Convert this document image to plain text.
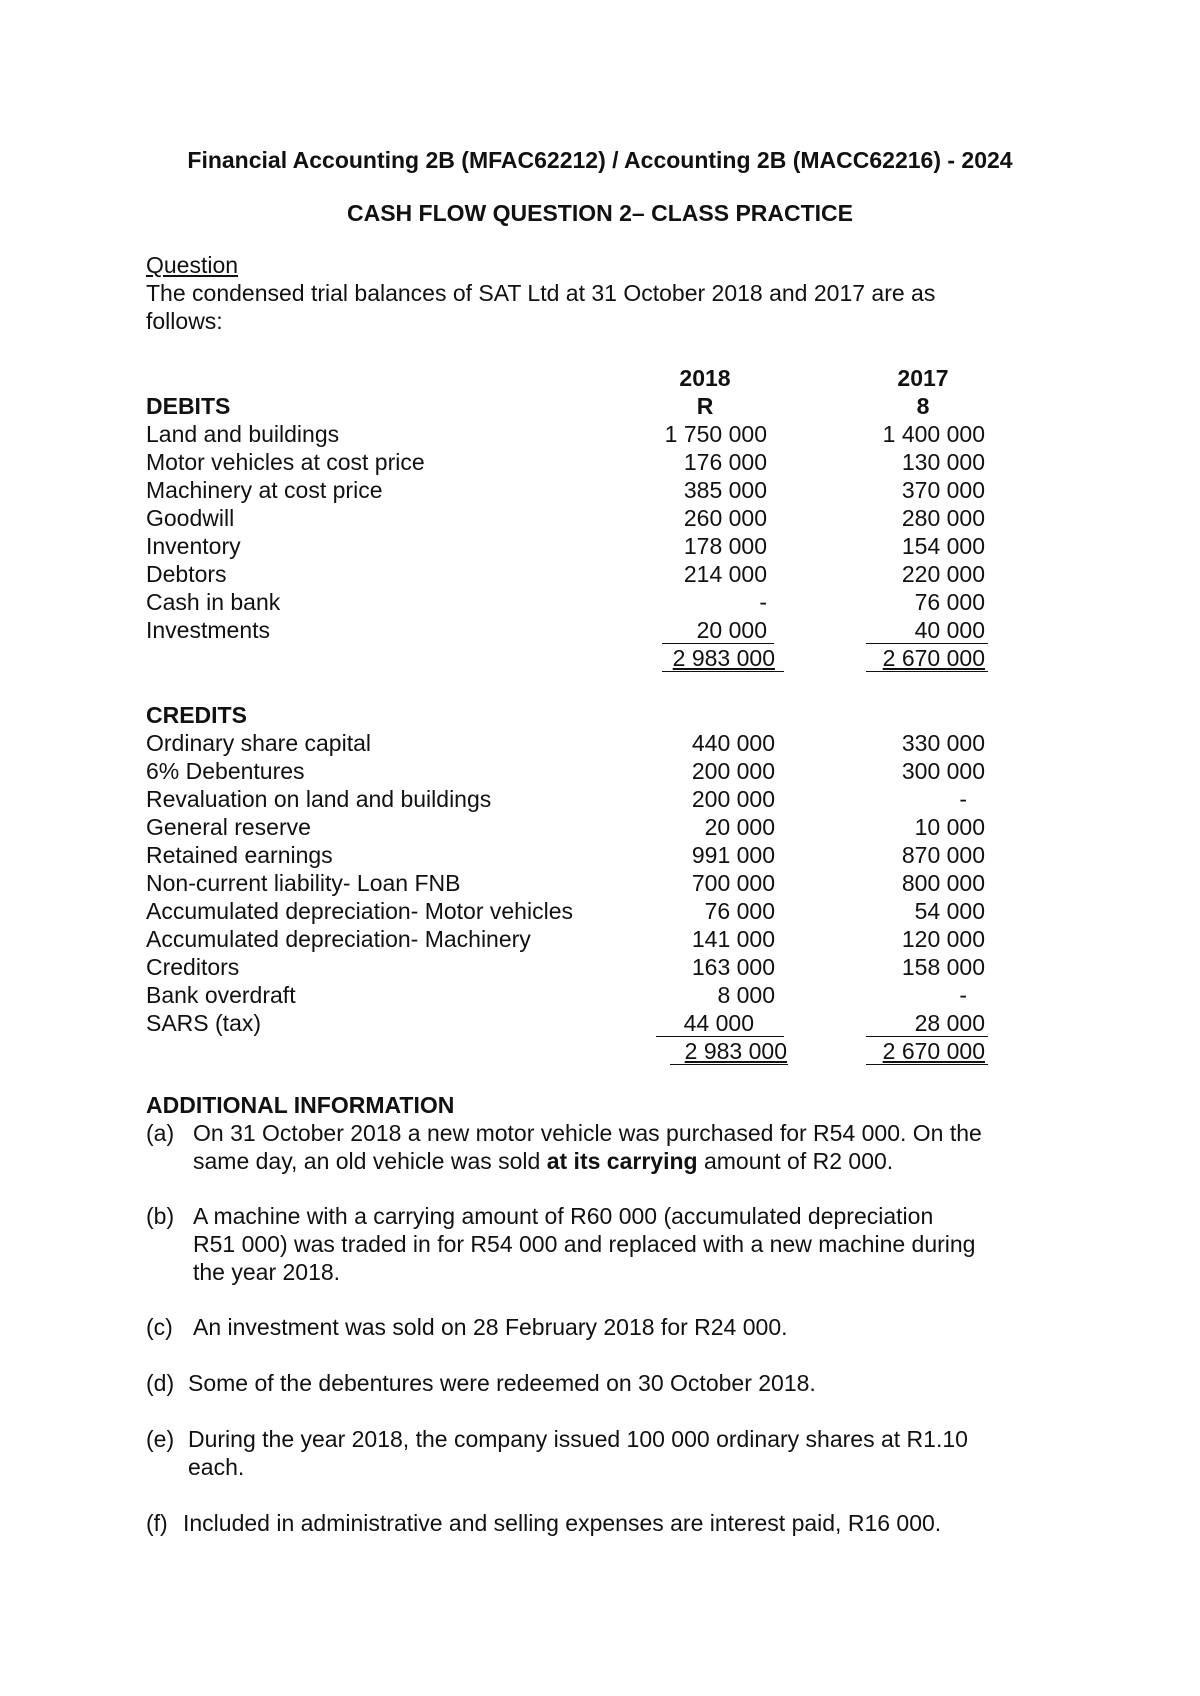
Financial Accounting 2B (MFAC62212) / Accounting 2B (MACC62216) - 2024
CASH FLOW QUESTION 2– CLASS PRACTICE
Question
The condensed trial balances of SAT Ltd at 31 October 2018 and 2017 are as
follows:
2018	2017
R	8
DEBITS
Land and buildings	1 750 000	1 400 000
Motor vehicles at cost price	176 000	130 000
Machinery at cost price	385 000	370 000
Goodwill	260 000	280 000
Inventory	178 000	154 000
Debtors	214 000	220 000
Cash in bank	-	76 000
Investments	20 000	40 000
2 983 000	2 670 000
CREDITS
Ordinary share capital	440 000	330 000
6% Debentures	200 000	300 000
Revaluation on land and buildings	200 000	-
General reserve	20 000	10 000
Retained earnings	991 000	870 000
Non-current liability- Loan FNB	700 000	800 000
Accumulated depreciation- Motor vehicles	76 000	54 000
Accumulated depreciation- Machinery	141 000	120 000
Creditors	163 000	158 000
Bank overdraft	8 000	-
SARS (tax)	44 000	28 000
2 983 000	2 670 000
ADDITIONAL INFORMATION
(a) On 31 October 2018 a new motor vehicle was purchased for R54 000. On the
same day, an old vehicle was sold at its carrying amount of R2 000.
(b) A machine with a carrying amount of R60 000 (accumulated depreciation
R51 000) was traded in for R54 000 and replaced with a new machine during
the year 2018.
(c) An investment was sold on 28 February 2018 for R24 000.
(d) Some of the debentures were redeemed on 30 October 2018.
(e) During the year 2018, the company issued 100 000 ordinary shares at R1.10
each.
(f) Included in administrative and selling expenses are interest paid, R16 000.
